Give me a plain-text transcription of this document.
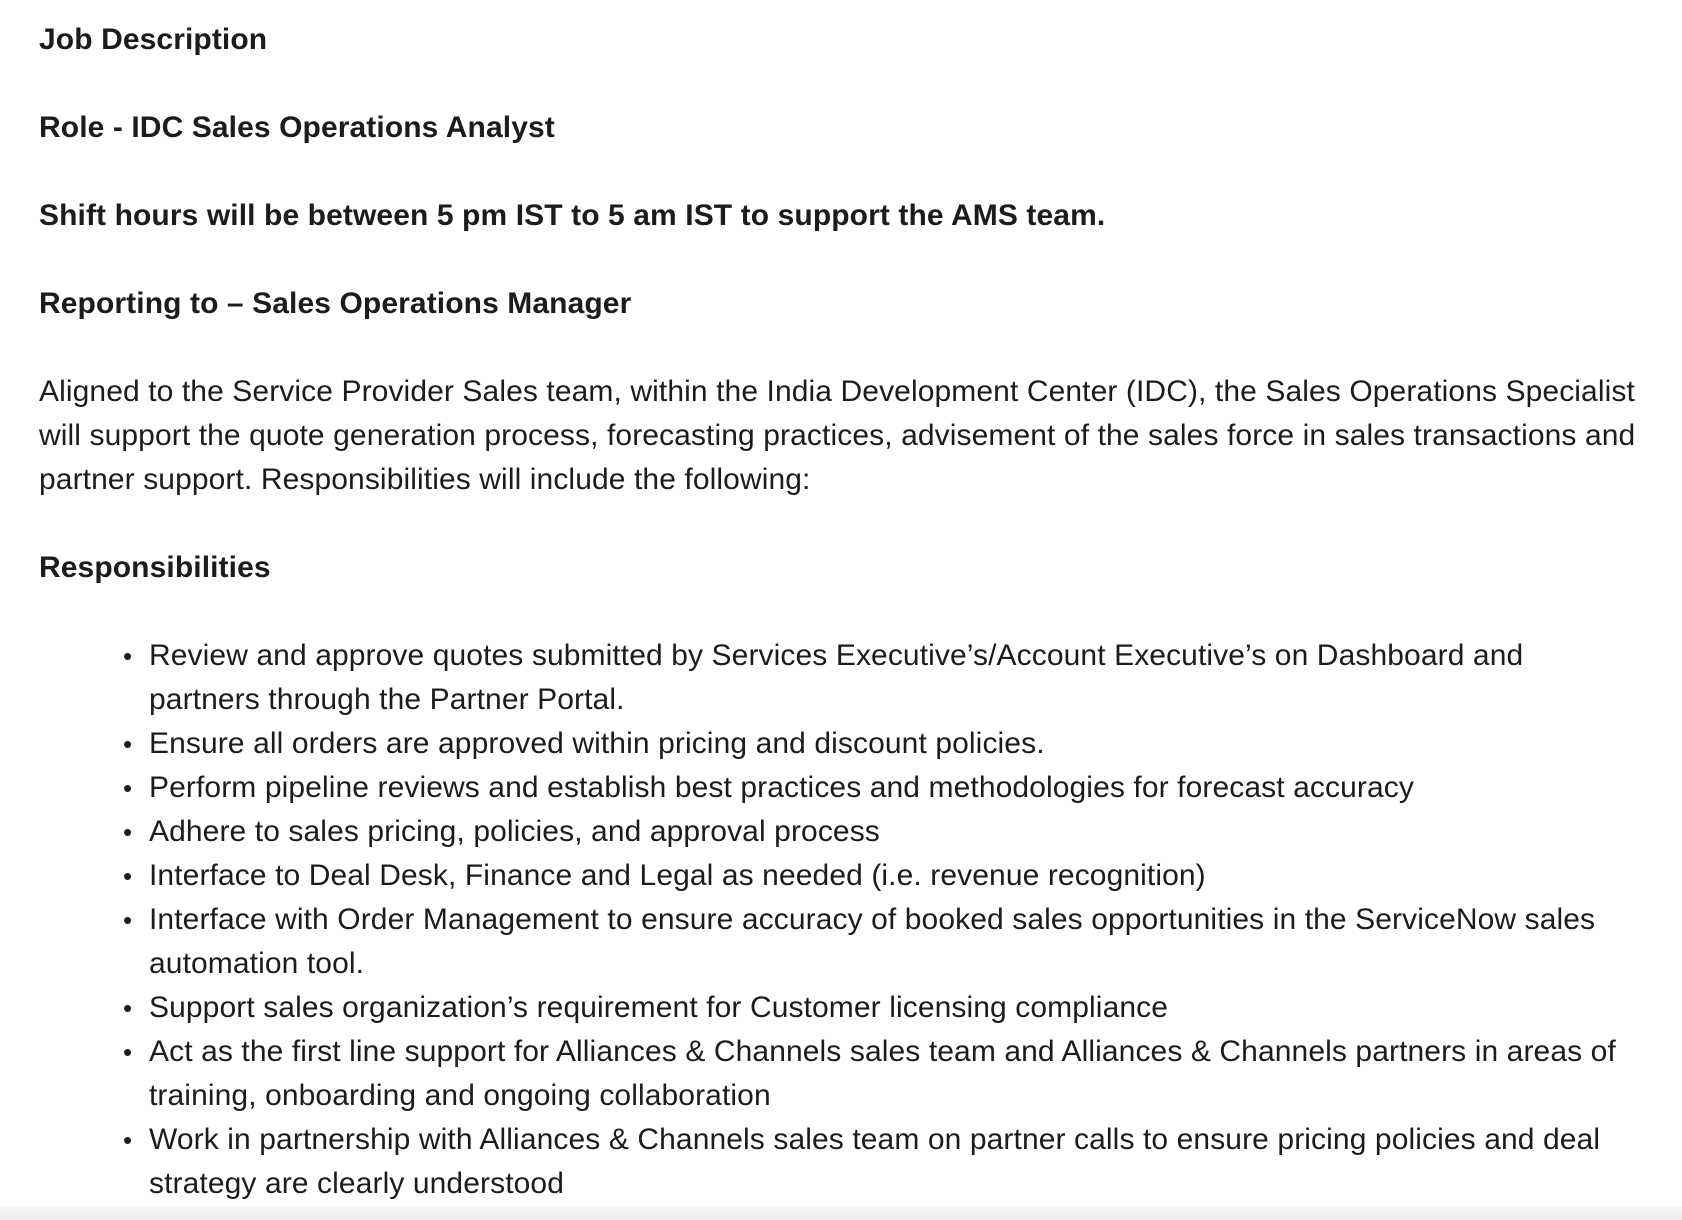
Job Description

Role - IDC Sales Operations Analyst

Shift hours will be between 5 pm IST to 5 am IST to support the AMS team.

Reporting to – Sales Operations Manager

Aligned to the Service Provider Sales team, within the India Development Center (IDC), the Sales Operations Specialist will support the quote generation process, forecasting practices, advisement of the sales force in sales transactions and partner support. Responsibilities will include the following:

Responsibilities

• Review and approve quotes submitted by Services Executive’s/Account Executive’s on Dashboard and partners through the Partner Portal.
• Ensure all orders are approved within pricing and discount policies.
• Perform pipeline reviews and establish best practices and methodologies for forecast accuracy
• Adhere to sales pricing, policies, and approval process
• Interface to Deal Desk, Finance and Legal as needed (i.e. revenue recognition)
• Interface with Order Management to ensure accuracy of booked sales opportunities in the ServiceNow sales automation tool.
• Support sales organization’s requirement for Customer licensing compliance
• Act as the first line support for Alliances & Channels sales team and Alliances & Channels partners in areas of training, onboarding and ongoing collaboration
• Work in partnership with Alliances & Channels sales team on partner calls to ensure pricing policies and deal strategy are clearly understood
